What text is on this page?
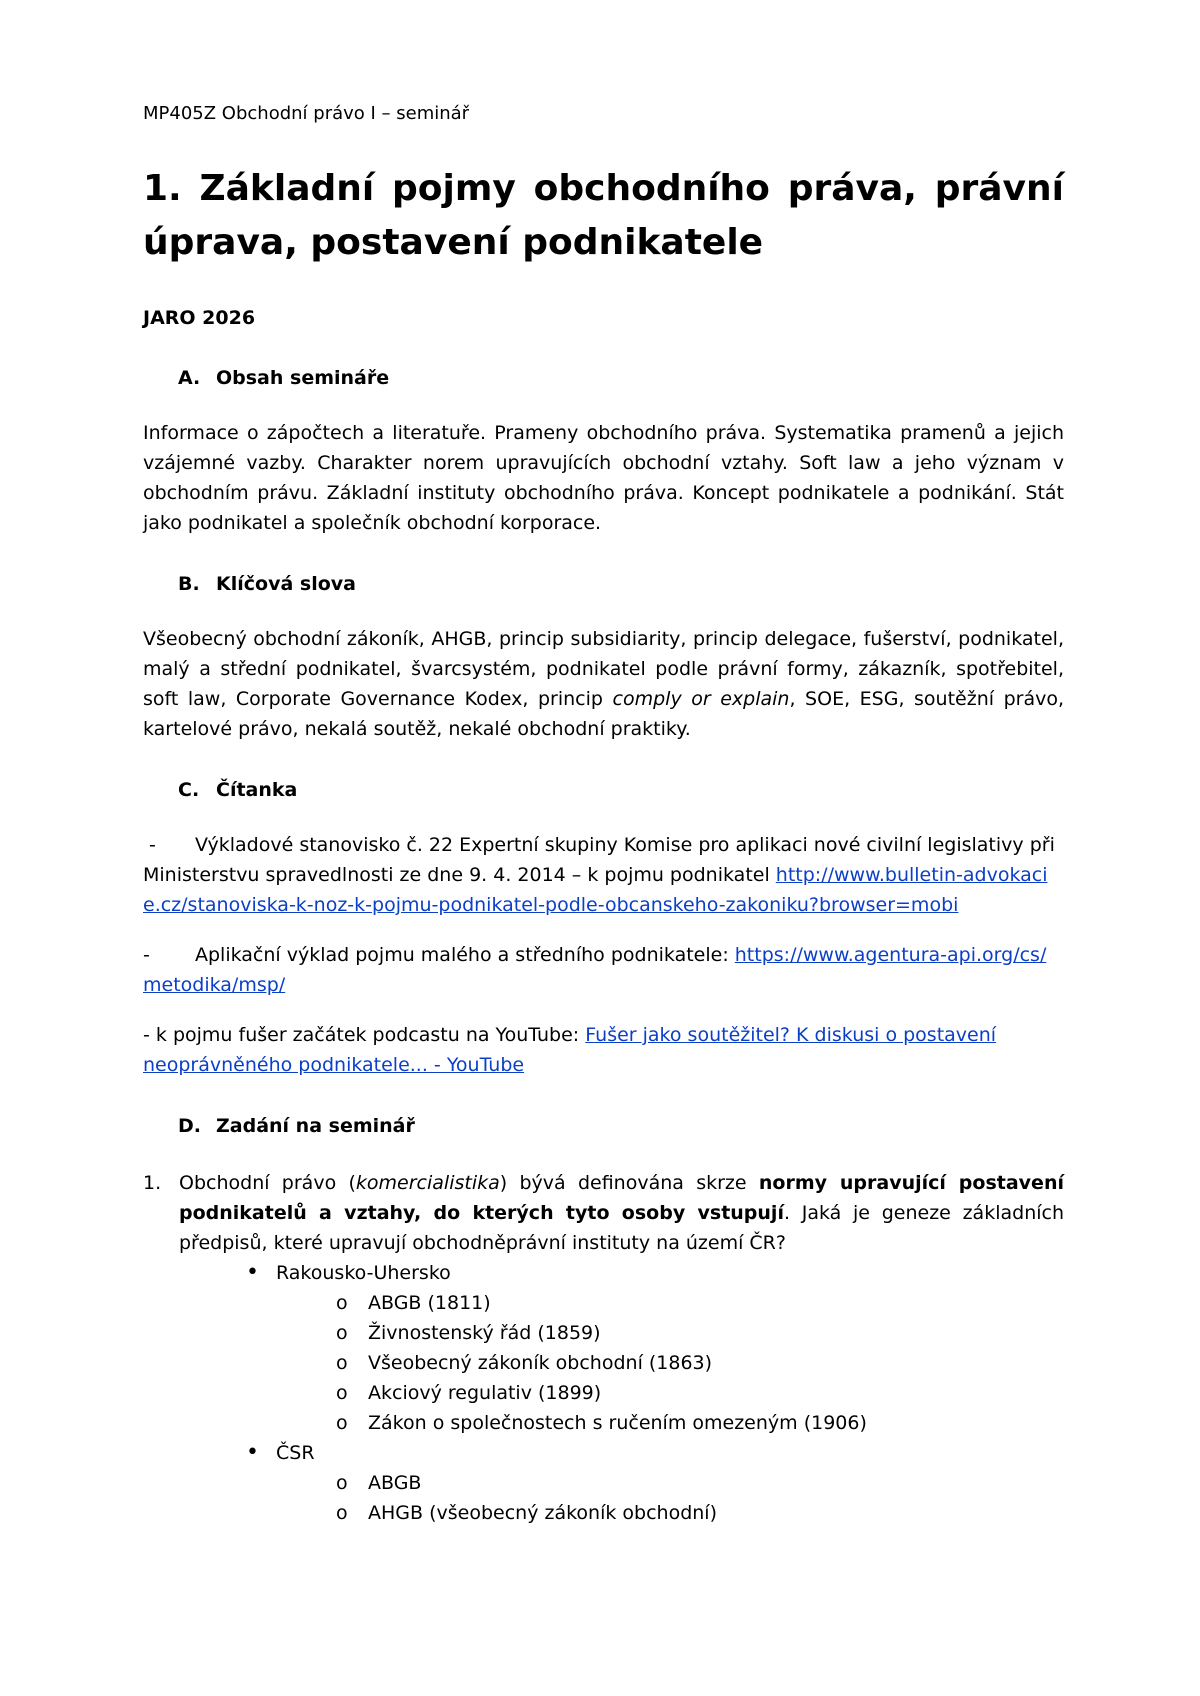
MP405Z Obchodní právo I – seminář
1. Základní pojmy obchodního práva, právní úprava, postavení podnikatele
JARO 2026
A. Obsah semináře

Informace o zápočtech a literatuře. Prameny obchodního práva. Systematika pramenů a jejich vzájemné vazby. Charakter norem upravujících obchodní vztahy. Soft law a jeho význam v obchodním právu. Základní instituty obchodního práva. Koncept podnikatele a podnikání. Stát jako podnikatel a společník obchodní korporace.

B. Klíčová slova

Všeobecný obchodní zákoník, AHGB, princip subsidiarity, princip delegace, fušerství, podnikatel, malý a střední podnikatel, švarcsystém, podnikatel podle právní formy, zákazník, spotřebitel, soft law, Corporate Governance Kodex, princip comply or explain, SOE, ESG, soutěžní právo, kartelové právo, nekalá soutěž, nekalé obchodní praktiky.

C. Čítanka

- Výkladové stanovisko č. 22 Expertní skupiny Komise pro aplikaci nové civilní legislativy při Ministerstvu spravedlnosti ze dne 9. 4. 2014 – k pojmu podnikatel http://www.bulletin-advokacie.cz/stanoviska-k-noz-k-pojmu-podnikatel-podle-obcanskeho-zakoniku?browser=mobi

- Aplikační výklad pojmu malého a středního podnikatele: https://www.agentura-api.org/cs/metodika/msp/

- k pojmu fušer začátek podcastu na YouTube: Fušer jako soutěžitel? K diskusi o postavení neoprávněného podnikatele... - YouTube

D. Zadání na seminář
1. Obchodní právo (komercialistika) bývá definována skrze normy upravující postavení podnikatelů a vztahy, do kterých tyto osoby vstupují. Jaká je geneze základních předpisů, které upravují obchodněprávní instituty na území ČR?
• Rakousko-Uhersko
o ABGB (1811)
o Živnostenský řád (1859)
o Všeobecný zákoník obchodní (1863)
o Akciový regulativ (1899)
o Zákon o společnostech s ručením omezeným (1906)
• ČSR
o ABGB
o AHGB (všeobecný zákoník obchodní)
